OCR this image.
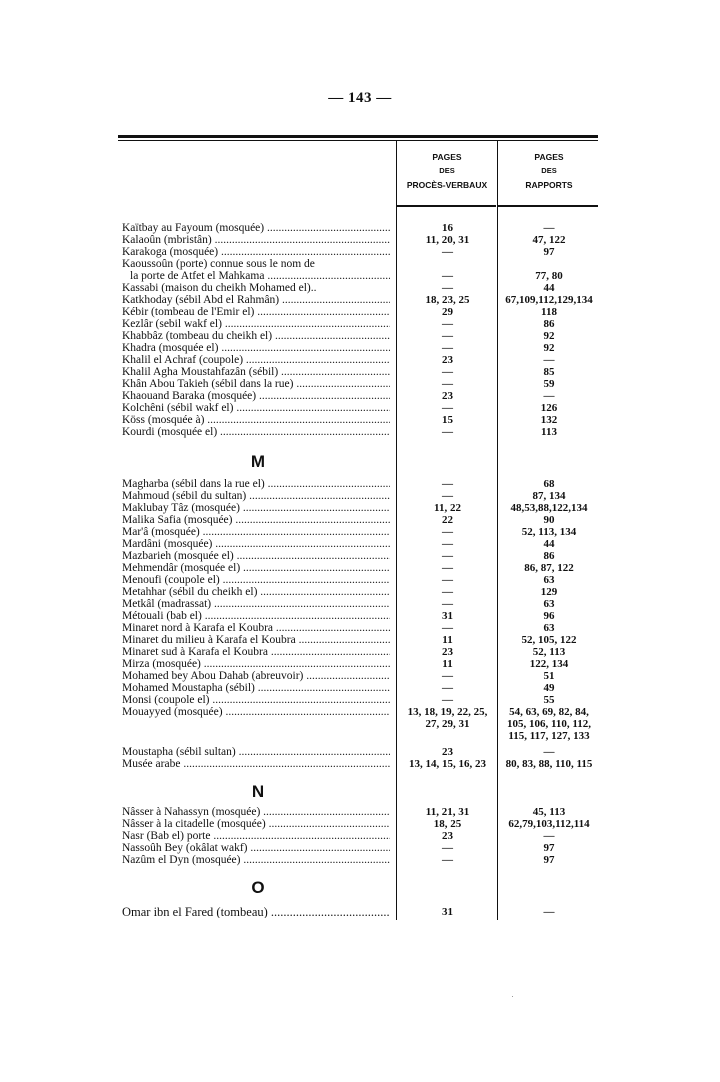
— 143 —
PAGES
DES
PROCÈS-VERBAUX
PAGES
DES
RAPPORTS
Kaïtbay au Fayoum (mosquée) .....	16	—
Kalaoûn (mbristân) .....	11, 20, 31	47, 122
Karakoga (mosquée) .....	—	97
Kaoussoûn (porte) connue sous le nom de
la porte de Atfet el Mahkama .....	—	77, 80
Kassabi (maison du cheikh Mohamed el)..	—	44
Katkhoday (sébil Abd el Rahmân) .....	18, 23, 25	67,109,112,129,134
Kébir (tombeau de l'Emir el) .....	29	118
Kezlâr (sebil wakf el) .....	—	86
Khabbâz (tombeau du cheikh el) .....	—	92
Khadra (mosquée el) .....	—	92
Khalil el Achraf (coupole) .....	23	—
Khalil Agha Moustahfazân (sébil) .....	—	85
Khân Abou Takieh (sébil dans la rue) .....	—	59
Khaouand Baraka (mosquée) .....	23	—
Kolchêni (sébil wakf el) .....	—	126
Köss (mosquée à) .....	15	132
Kourdi (mosquée el) .....	—	113
M
Magharba (sébil dans la rue el) .....	—	68
Mahmoud (sébil du sultan) .....	—	87, 134
Maklubay Tâz (mosquée) .....	11, 22	48,53,88,122,134
Malika Safia (mosquée) .....	22	90
Mar'â (mosquée) .....	—	52, 113, 134
Mardâni (mosquée) .....	—	44
Mazbarieh (mosquée el) .....	—	86
Mehmendâr (mosquée el) .....	—	86, 87, 122
Menoufi (coupole el) .....	—	63
Metahhar (sébil du cheikh el) .....	—	129
Metkâl (madrassat) .....	—	63
Métouali (bab el) .....	31	96
Minaret nord à Karafa el Koubra .....	—	63
Minaret du milieu à Karafa el Koubra .....	11	52, 105, 122
Minaret sud à Karafa el Koubra .....	23	52, 113
Mirza (mosquée) .....	11	122, 134
Mohamed bey Abou Dahab (abreuvoir) .....	—	51
Mohamed Moustapha (sébil) .....	—	49
Monsi (coupole el) .....	—	55
Mouayyed (mosquée) .....	13, 18, 19, 22, 25,	54, 63, 69, 82, 84,
27, 29, 31	105, 106, 110, 112,
115, 117, 127, 133
Moustapha (sébil sultan) .....	23	—
Musée arabe .....	13, 14, 15, 16, 23	80, 83, 88, 110, 115
N
Nâsser à Nahassyn (mosquée) .....	11, 21, 31	45, 113
Nâsser à la citadelle (mosquée) .....	18, 25	62,79,103,112,114
Nasr (Bab el) porte .....	23	—
Nassoûh Bey (okâlat wakf) .....	—	97
Nazûm el Dyn (mosquée) .....	—	97
O
Omar ibn el Fared (tombeau) .....	31	—
